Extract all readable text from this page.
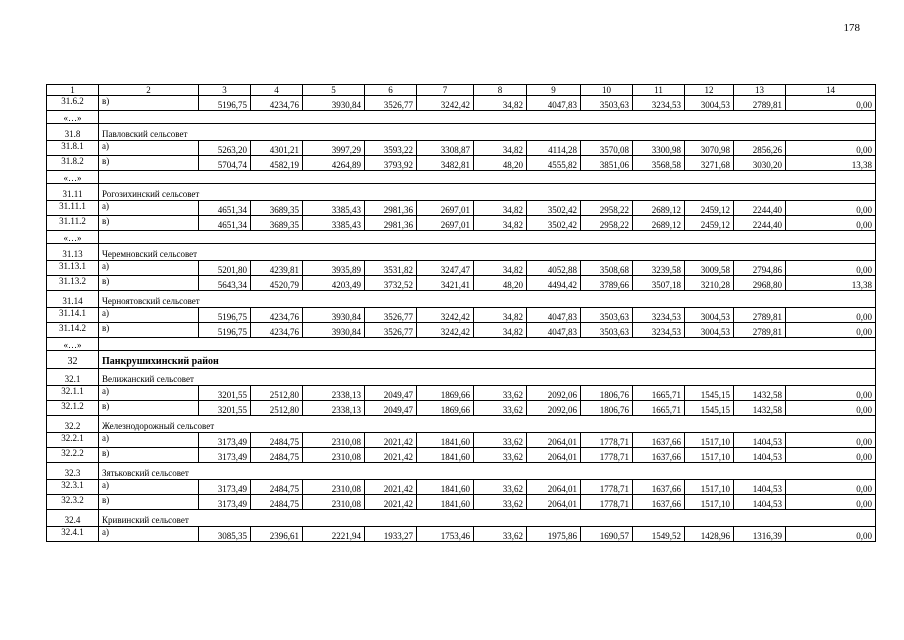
178
1	2	3	4	5	6	7	8	9	10	11	12	13	14
31.6.2	в)	5196,75	4234,76	3930,84	3526,77	3242,42	34,82	4047,83	3503,63	3234,53	3004,53	2789,81	0,00
«…»													
31.8	Павловский сельсовет												
31.8.1	а)	5263,20	4301,21	3997,29	3593,22	3308,87	34,82	4114,28	3570,08	3300,98	3070,98	2856,26	0,00
31.8.2	в)	5704,74	4582,19	4264,89	3793,92	3482,81	48,20	4555,82	3851,06	3568,58	3271,68	3030,20	13,38
«…»													
31.11	Рогозихинский сельсовет												
31.11.1	а)	4651,34	3689,35	3385,43	2981,36	2697,01	34,82	3502,42	2958,22	2689,12	2459,12	2244,40	0,00
31.11.2	в)	4651,34	3689,35	3385,43	2981,36	2697,01	34,82	3502,42	2958,22	2689,12	2459,12	2244,40	0,00
«…»													
31.13	Черемновский сельсовет												
31.13.1	а)	5201,80	4239,81	3935,89	3531,82	3247,47	34,82	4052,88	3508,68	3239,58	3009,58	2794,86	0,00
31.13.2	в)	5643,34	4520,79	4203,49	3732,52	3421,41	48,20	4494,42	3789,66	3507,18	3210,28	2968,80	13,38
31.14	Черноятовский сельсовет												
31.14.1	а)	5196,75	4234,76	3930,84	3526,77	3242,42	34,82	4047,83	3503,63	3234,53	3004,53	2789,81	0,00
31.14.2	в)	5196,75	4234,76	3930,84	3526,77	3242,42	34,82	4047,83	3503,63	3234,53	3004,53	2789,81	0,00
«…»													
32	Панкрушихинский район												
32.1	Велижанский сельсовет												
32.1.1	а)	3201,55	2512,80	2338,13	2049,47	1869,66	33,62	2092,06	1806,76	1665,71	1545,15	1432,58	0,00
32.1.2	в)	3201,55	2512,80	2338,13	2049,47	1869,66	33,62	2092,06	1806,76	1665,71	1545,15	1432,58	0,00
32.2	Железнодорожный сельсовет												
32.2.1	а)	3173,49	2484,75	2310,08	2021,42	1841,60	33,62	2064,01	1778,71	1637,66	1517,10	1404,53	0,00
32.2.2	в)	3173,49	2484,75	2310,08	2021,42	1841,60	33,62	2064,01	1778,71	1637,66	1517,10	1404,53	0,00
32.3	Зятьковский сельсовет												
32.3.1	а)	3173,49	2484,75	2310,08	2021,42	1841,60	33,62	2064,01	1778,71	1637,66	1517,10	1404,53	0,00
32.3.2	в)	3173,49	2484,75	2310,08	2021,42	1841,60	33,62	2064,01	1778,71	1637,66	1517,10	1404,53	0,00
32.4	Кривинский сельсовет												
32.4.1	а)	3085,35	2396,61	2221,94	1933,27	1753,46	33,62	1975,86	1690,57	1549,52	1428,96	1316,39	0,00
